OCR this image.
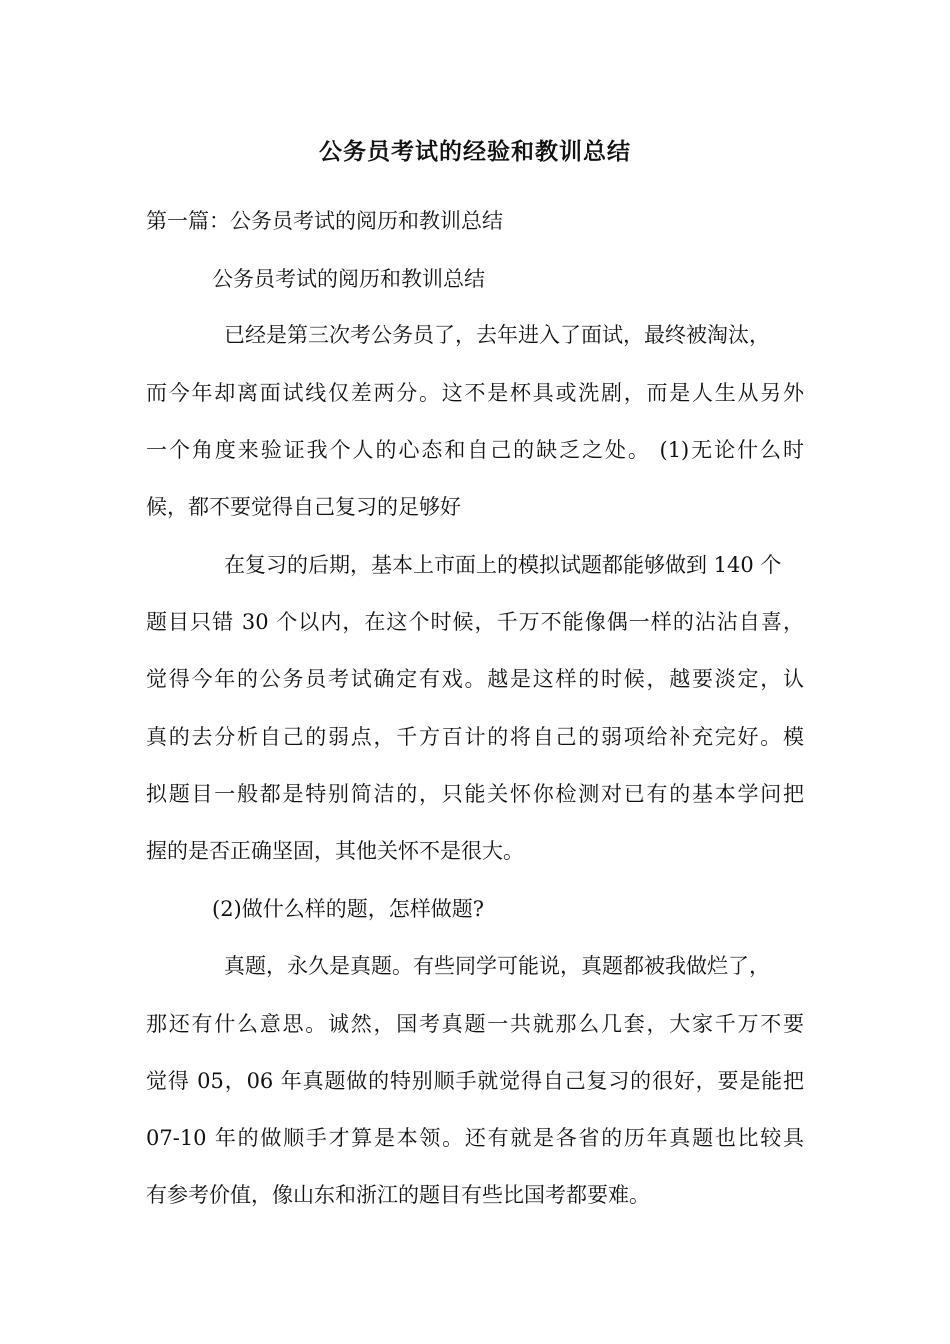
公务员考试的经验和教训总结
第一篇：公务员考试的阅历和教训总结
公务员考试的阅历和教训总结
已经是第三次考公务员了，去年进入了面试，最终被淘汰，
而今年却离面试线仅差两分。这不是杯具或洗剧，而是人生从另外
一个角度来验证我个人的心态和自己的缺乏之处。 (1)无论什么时
候，都不要觉得自己复习的足够好
在复习的后期，基本上市面上的模拟试题都能够做到 140 个
题目只错 30 个以内，在这个时候，千万不能像偶一样的沾沾自喜，
觉得今年的公务员考试确定有戏。越是这样的时候，越要淡定，认
真的去分析自己的弱点，千方百计的将自己的弱项给补充完好。模
拟题目一般都是特别简洁的，只能关怀你检测对已有的基本学问把
握的是否正确坚固，其他关怀不是很大。
(2)做什么样的题，怎样做题?
真题，永久是真题。有些同学可能说，真题都被我做烂了，
那还有什么意思。诚然，国考真题一共就那么几套，大家千万不要
觉得 05，06 年真题做的特别顺手就觉得自己复习的很好，要是能把
07-10 年的做顺手才算是本领。还有就是各省的历年真题也比较具
有参考价值，像山东和浙江的题目有些比国考都要难。
